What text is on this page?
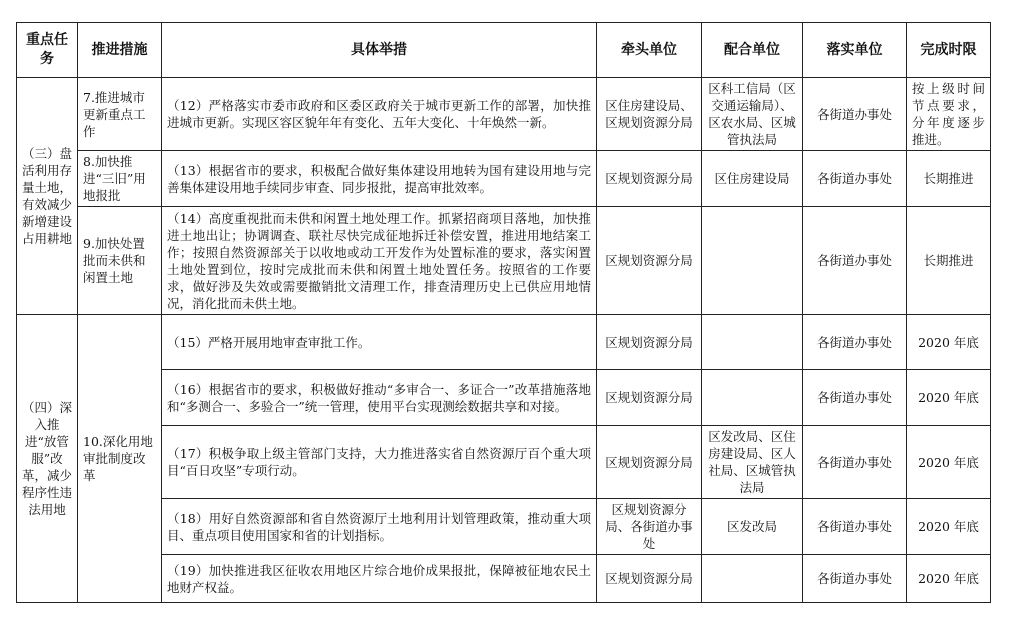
重点任务	推进措施	具体举措	牵头单位	配合单位	落实单位	完成时限
（三）盘活利用存量土地，有效减少新增建设占用耕地	7.推进城市更新重点工作	（12）严格落实市委市政府和区委区政府关于城市更新工作的部署，加快推进城市更新。实现区容区貌年年有变化、五年大变化、十年焕然一新。	区住房建设局、区规划资源分局	区科工信局（区交通运输局）、区农水局、区城管执法局	各街道办事处	按上级时间节点要求，分年度逐步推进。
	8.加快推进“三旧”用地报批	（13）根据省市的要求，积极配合做好集体建设用地转为国有建设用地与完善集体建设用地手续同步审查、同步报批，提高审批效率。	区规划资源分局	区住房建设局	各街道办事处	长期推进
	9.加快处置批而未供和闲置土地	（14）高度重视批而未供和闲置土地处理工作。抓紧招商项目落地，加快推进土地出让；协调调查、联社尽快完成征地拆迁补偿安置，推进用地结案工作；按照自然资源部关于以收地或动工开发作为处置标准的要求，落实闲置土地处置到位，按时完成批而未供和闲置土地处置任务。按照省的工作要求，做好涉及失效或需要撤销批文清理工作，排查清理历史上已供应用地情况，消化批而未供土地。	区规划资源分局		各街道办事处	长期推进
（四）深入推进“放管服”改革，减少程序性违法用地	10.深化用地审批制度改革	（15）严格开展用地审查审批工作。	区规划资源分局		各街道办事处	2020 年底
		（16）根据省市的要求，积极做好推动“多审合一、多证合一”改革措施落地和“多测合一、多验合一”统一管理，使用平台实现测绘数据共享和对接。	区规划资源分局		各街道办事处	2020 年底
		（17）积极争取上级主管部门支持，大力推进落实省自然资源厅百个重大项目“百日攻坚”专项行动。	区规划资源分局	区发改局、区住房建设局、区人社局、区城管执法局	各街道办事处	2020 年底
		（18）用好自然资源部和省自然资源厅土地利用计划管理政策，推动重大项目、重点项目使用国家和省的计划指标。	区规划资源分局、各街道办事处	区发改局	各街道办事处	2020 年底
		（19）加快推进我区征收农用地区片综合地价成果报批，保障被征地农民土地财产权益。	区规划资源分局		各街道办事处	2020 年底
